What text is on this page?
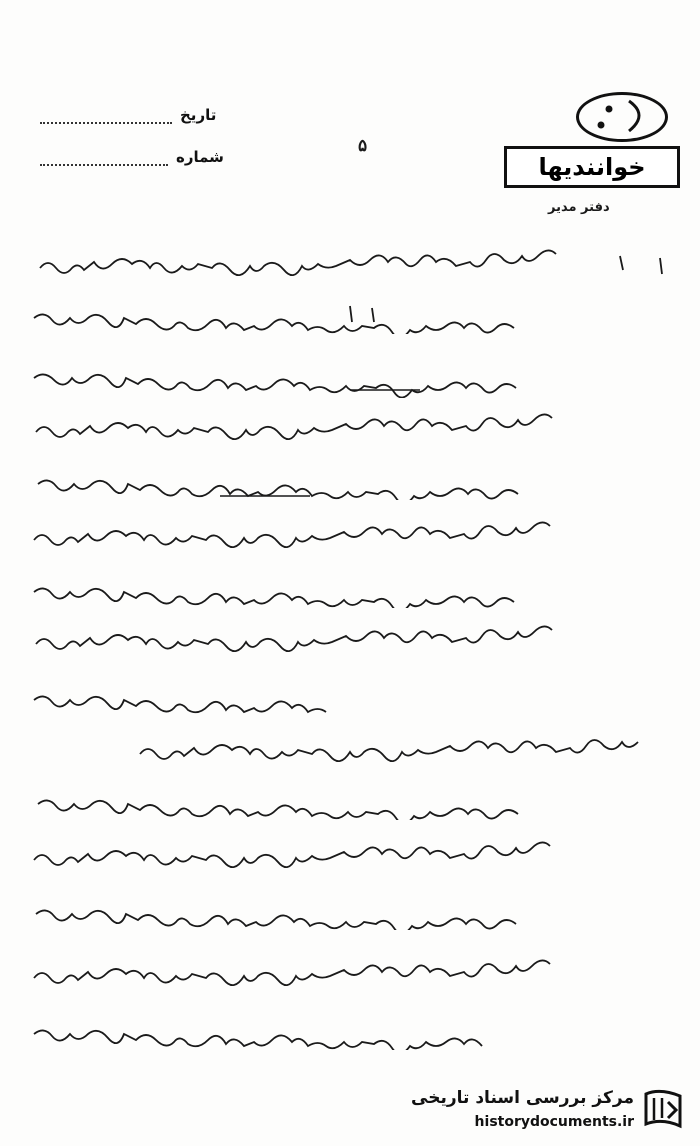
تاریخ
شماره
۵
خوانندیها
دفتر مدیر
مرکز بررسی اسناد تاریخی
historydocuments.ir
